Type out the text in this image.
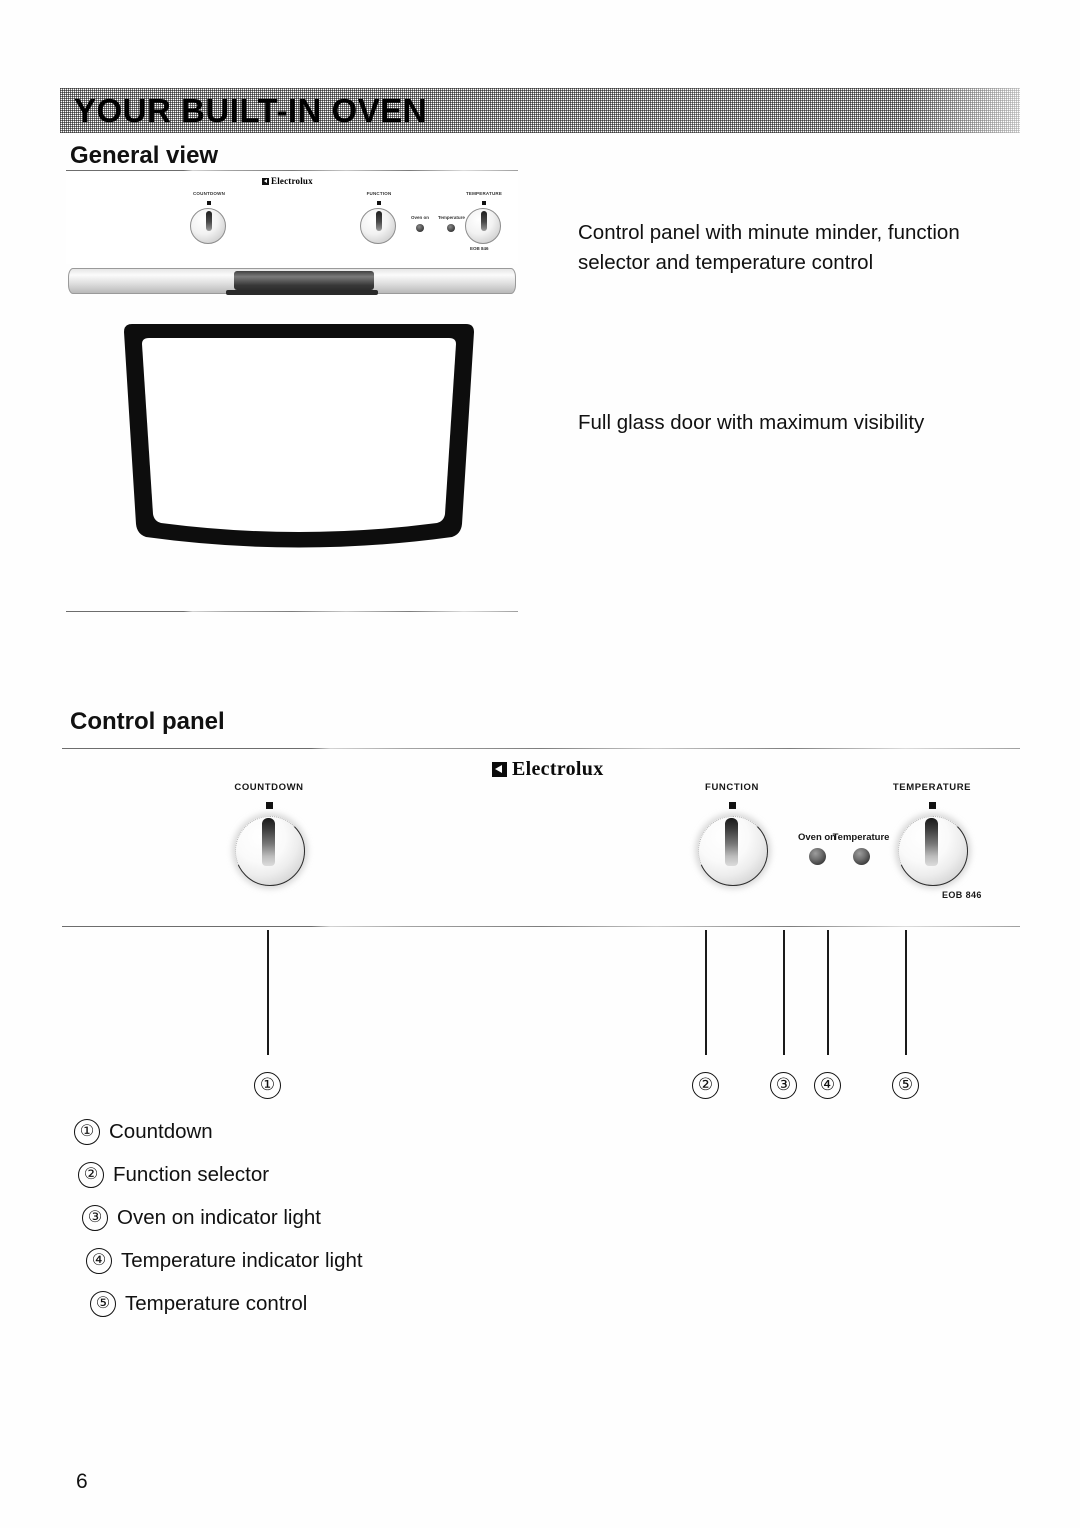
YOUR BUILT-IN OVEN
General view
Electrolux
COUNTDOWN	FUNCTION
Oven on Temperature
TEMPERATURE
EOB 846
Control panel with minute minder, function selector and temperature control
Full glass door with maximum visibility
Control panel
Electrolux
COUNTDOWN	FUNCTION
Oven on
Temperature
TEMPERATURE
EOB 846
①	②	③	④	⑤
① Countdown
② Function selector
③ Oven on indicator light
④ Temperature indicator light
⑤ Temperature control
6
